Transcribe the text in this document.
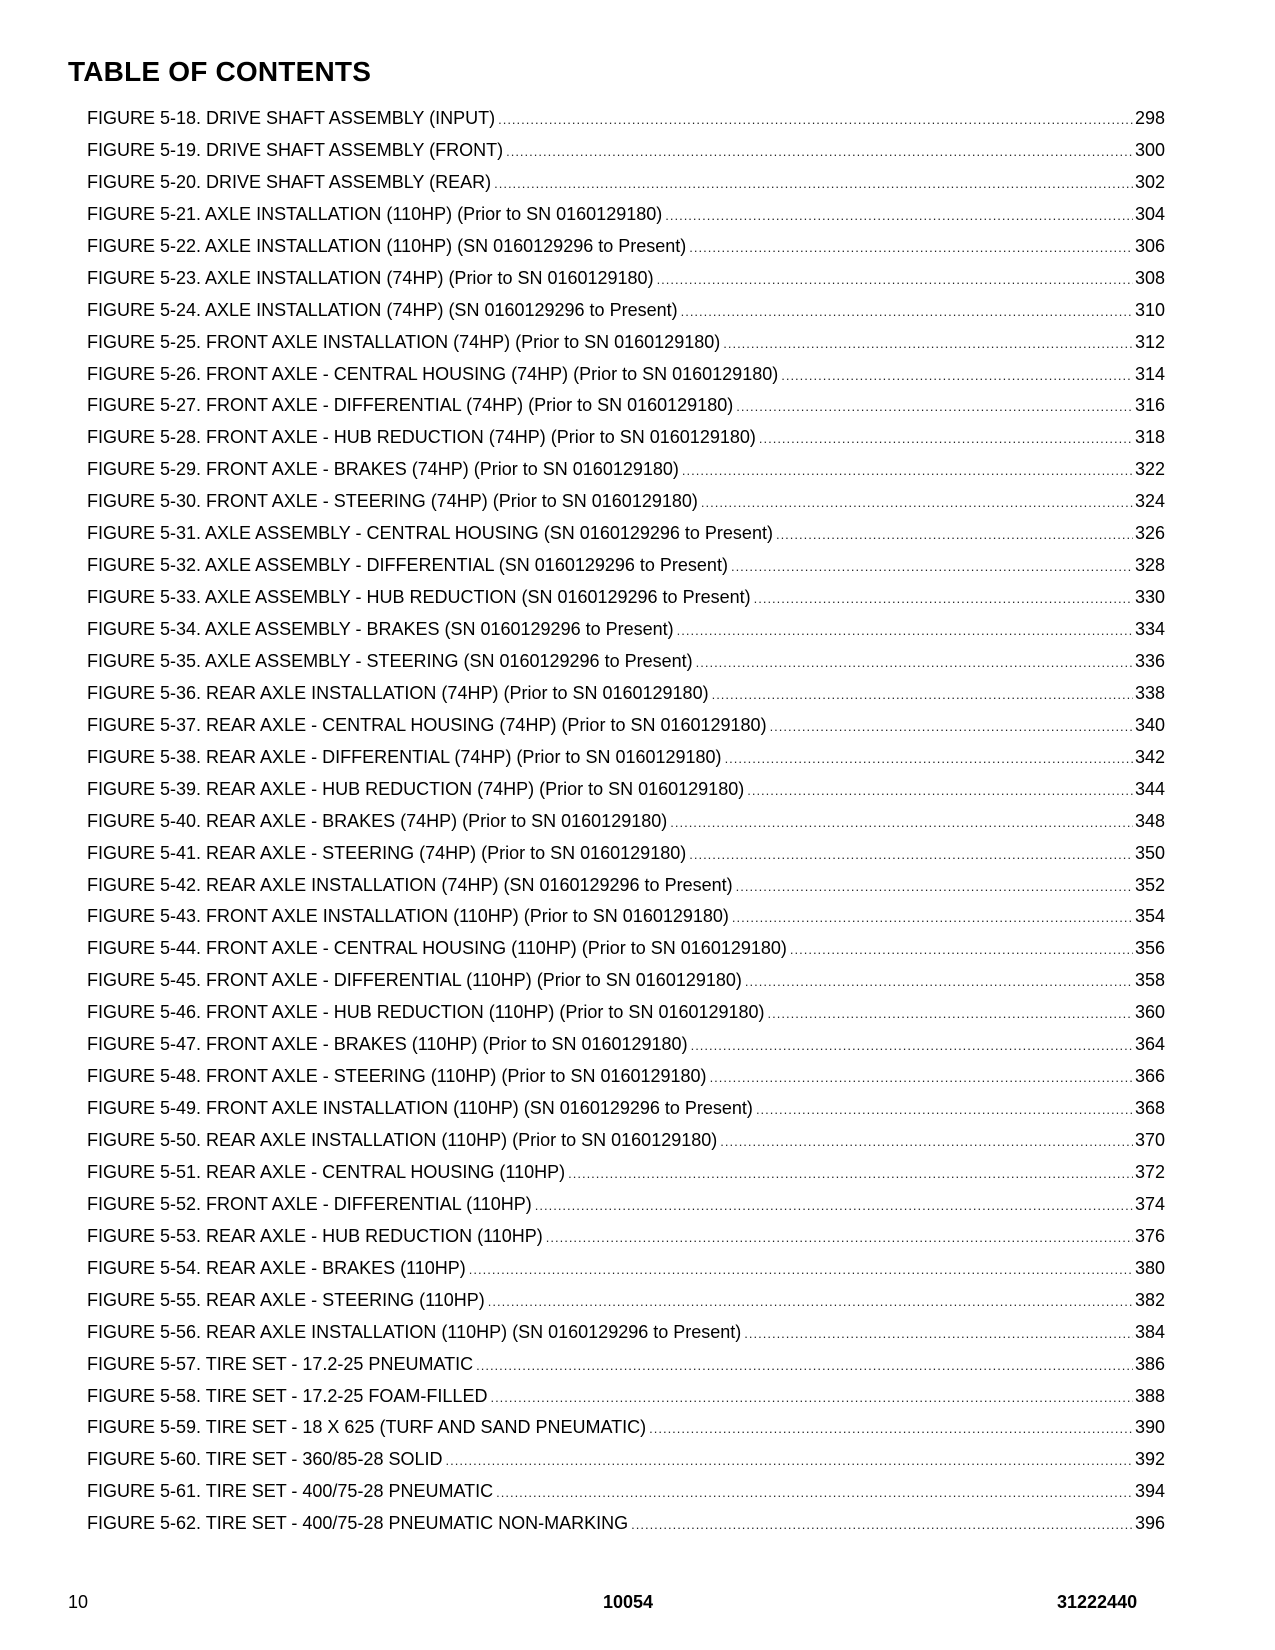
TABLE OF CONTENTS
FIGURE 5-18. DRIVE SHAFT ASSEMBLY (INPUT) .....	298
FIGURE 5-19. DRIVE SHAFT ASSEMBLY (FRONT) .....	300
FIGURE 5-20. DRIVE SHAFT ASSEMBLY (REAR) .....	302
FIGURE 5-21. AXLE INSTALLATION (110HP) (Prior to SN 0160129180) .....	304
FIGURE 5-22. AXLE INSTALLATION (110HP) (SN 0160129296 to Present) .....	306
FIGURE 5-23. AXLE INSTALLATION (74HP) (Prior to SN 0160129180) .....	308
FIGURE 5-24. AXLE INSTALLATION (74HP) (SN 0160129296 to Present) .....	310
FIGURE 5-25. FRONT AXLE INSTALLATION (74HP) (Prior to SN 0160129180) .....	312
FIGURE 5-26. FRONT AXLE - CENTRAL HOUSING (74HP) (Prior to SN 0160129180) .....	314
FIGURE 5-27. FRONT AXLE - DIFFERENTIAL (74HP) (Prior to SN 0160129180) .....	316
FIGURE 5-28. FRONT AXLE - HUB REDUCTION (74HP) (Prior to SN 0160129180) .....	318
FIGURE 5-29. FRONT AXLE - BRAKES (74HP) (Prior to SN 0160129180) .....	322
FIGURE 5-30. FRONT AXLE - STEERING (74HP) (Prior to SN 0160129180) .....	324
FIGURE 5-31. AXLE ASSEMBLY - CENTRAL HOUSING (SN 0160129296 to Present) .....	326
FIGURE 5-32. AXLE ASSEMBLY - DIFFERENTIAL (SN 0160129296 to Present) .....	328
FIGURE 5-33. AXLE ASSEMBLY - HUB REDUCTION (SN 0160129296 to Present) .....	330
FIGURE 5-34. AXLE ASSEMBLY - BRAKES (SN 0160129296 to Present) .....	334
FIGURE 5-35. AXLE ASSEMBLY - STEERING (SN 0160129296 to Present) .....	336
FIGURE 5-36. REAR AXLE INSTALLATION (74HP) (Prior to SN 0160129180) .....	338
FIGURE 5-37. REAR AXLE - CENTRAL HOUSING (74HP) (Prior to SN 0160129180) .....	340
FIGURE 5-38. REAR AXLE - DIFFERENTIAL (74HP) (Prior to SN 0160129180) .....	342
FIGURE 5-39. REAR AXLE - HUB REDUCTION (74HP) (Prior to SN 0160129180) .....	344
FIGURE 5-40. REAR AXLE - BRAKES (74HP) (Prior to SN 0160129180) .....	348
FIGURE 5-41. REAR AXLE - STEERING (74HP) (Prior to SN 0160129180) .....	350
FIGURE 5-42. REAR AXLE INSTALLATION (74HP) (SN 0160129296 to Present) .....	352
FIGURE 5-43. FRONT AXLE INSTALLATION (110HP) (Prior to SN 0160129180) .....	354
FIGURE 5-44. FRONT AXLE - CENTRAL HOUSING (110HP) (Prior to SN 0160129180) .....	356
FIGURE 5-45. FRONT AXLE - DIFFERENTIAL (110HP) (Prior to SN 0160129180) .....	358
FIGURE 5-46. FRONT AXLE - HUB REDUCTION (110HP) (Prior to SN 0160129180) .....	360
FIGURE 5-47. FRONT AXLE - BRAKES (110HP) (Prior to SN 0160129180) .....	364
FIGURE 5-48. FRONT AXLE - STEERING (110HP) (Prior to SN 0160129180) .....	366
FIGURE 5-49. FRONT AXLE INSTALLATION (110HP) (SN 0160129296 to Present) .....	368
FIGURE 5-50. REAR AXLE INSTALLATION (110HP) (Prior to SN 0160129180) .....	370
FIGURE 5-51. REAR AXLE - CENTRAL HOUSING (110HP) .....	372
FIGURE 5-52. FRONT AXLE - DIFFERENTIAL (110HP) .....	374
FIGURE 5-53. REAR AXLE - HUB REDUCTION (110HP) .....	376
FIGURE 5-54. REAR AXLE - BRAKES (110HP) .....	380
FIGURE 5-55. REAR AXLE - STEERING (110HP) .....	382
FIGURE 5-56. REAR AXLE INSTALLATION (110HP) (SN 0160129296 to Present) .....	384
FIGURE 5-57. TIRE SET - 17.2-25 PNEUMATIC .....	386
FIGURE 5-58. TIRE SET - 17.2-25 FOAM-FILLED .....	388
FIGURE 5-59. TIRE SET - 18 X 625 (TURF AND SAND PNEUMATIC) .....	390
FIGURE 5-60. TIRE SET - 360/85-28 SOLID .....	392
FIGURE 5-61. TIRE SET - 400/75-28 PNEUMATIC .....	394
FIGURE 5-62. TIRE SET - 400/75-28 PNEUMATIC NON-MARKING .....	396
10	10054	31222440
